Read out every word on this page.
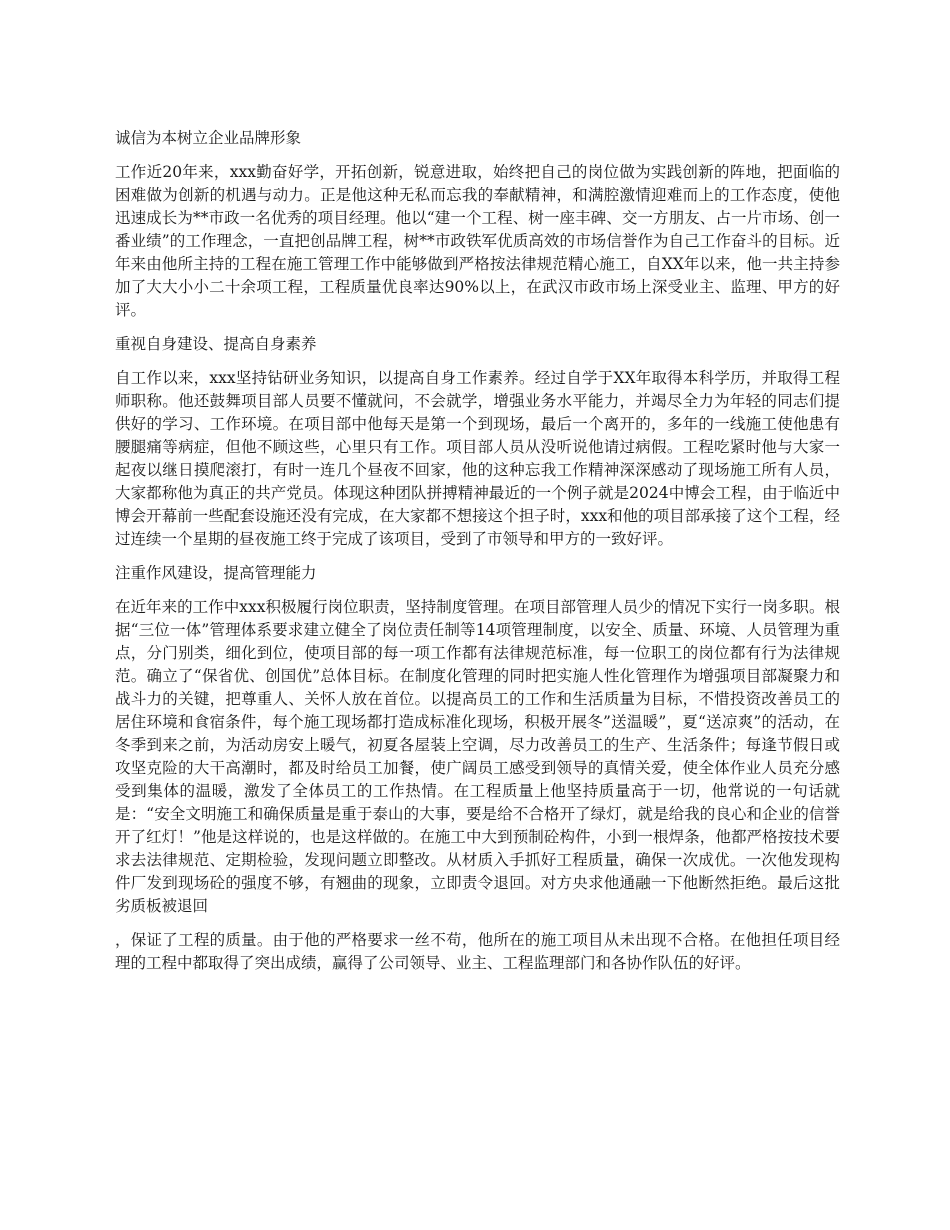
诚信为本树立企业品牌形象

工作近20年来，xxx勤奋好学，开拓创新，锐意进取，始终把自己的岗位做为实践创新的阵地，把面临的困难做为创新的机遇与动力。正是他这种无私而忘我的奉献精神，和满腔激情迎难而上的工作态度，使他迅速成长为**市政一名优秀的项目经理。他以“建一个工程、树一座丰碑、交一方朋友、占一片市场、创一番业绩”的工作理念，一直把创品牌工程，树**市政铁军优质高效的市场信誉作为自己工作奋斗的目标。近年来由他所主持的工程在施工管理工作中能够做到严格按法律规范精心施工，自XX年以来，他一共主持参加了大大小小二十余项工程，工程质量优良率达90%以上，在武汉市政市场上深受业主、监理、甲方的好评。

重视自身建设、提高自身素养

自工作以来，xxx坚持钻研业务知识，以提高自身工作素养。经过自学于XX年取得本科学历，并取得工程师职称。他还鼓舞项目部人员要不懂就问，不会就学，增强业务水平能力，并竭尽全力为年轻的同志们提供好的学习、工作环境。在项目部中他每天是第一个到现场，最后一个离开的，多年的一线施工使他患有腰腿痛等病症，但他不顾这些，心里只有工作。项目部人员从没听说他请过病假。工程吃紧时他与大家一起夜以继日摸爬滚打，有时一连几个昼夜不回家，他的这种忘我工作精神深深感动了现场施工所有人员，大家都称他为真正的共产党员。体现这种团队拼搏精神最近的一个例子就是2024中博会工程，由于临近中博会开幕前一些配套设施还没有完成，在大家都不想接这个担子时，xxx和他的项目部承接了这个工程，经过连续一个星期的昼夜施工终于完成了该项目，受到了市领导和甲方的一致好评。

注重作风建设，提高管理能力

在近年来的工作中xxx积极履行岗位职责，坚持制度管理。在项目部管理人员少的情况下实行一岗多职。根据“三位一体”管理体系要求建立健全了岗位责任制等14项管理制度，以安全、质量、环境、人员管理为重点，分门别类，细化到位，使项目部的每一项工作都有法律规范标准，每一位职工的岗位都有行为法律规范。确立了“保省优、创国优”总体目标。在制度化管理的同时把实施人性化管理作为增强项目部凝聚力和战斗力的关键，把尊重人、关怀人放在首位。以提高员工的工作和生活质量为目标，不惜投资改善员工的居住环境和食宿条件，每个施工现场都打造成标准化现场，积极开展冬”送温暖”，夏“送凉爽”的活动，在冬季到来之前，为活动房安上暖气，初夏各屋装上空调，尽力改善员工的生产、生活条件；每逢节假日或攻坚克险的大干高潮时，都及时给员工加餐，使广阔员工感受到领导的真情关爱，使全体作业人员充分感受到集体的温暖，激发了全体员工的工作热情。在工程质量上他坚持质量高于一切，他常说的一句话就是：“安全文明施工和确保质量是重于泰山的大事，要是给不合格开了绿灯，就是给我的良心和企业的信誉开了红灯！”他是这样说的，也是这样做的。在施工中大到预制砼构件，小到一根焊条，他都严格按技术要求去法律规范、定期检验，发现问题立即整改。从材质入手抓好工程质量，确保一次成优。一次他发现构件厂发到现场砼的强度不够，有翘曲的现象，立即责令退回。对方央求他通融一下他断然拒绝。最后这批劣质板被退回

，保证了工程的质量。由于他的严格要求一丝不苟，他所在的施工项目从未出现不合格。在他担任项目经理的工程中都取得了突出成绩，赢得了公司领导、业主、工程监理部门和各协作队伍的好评。
